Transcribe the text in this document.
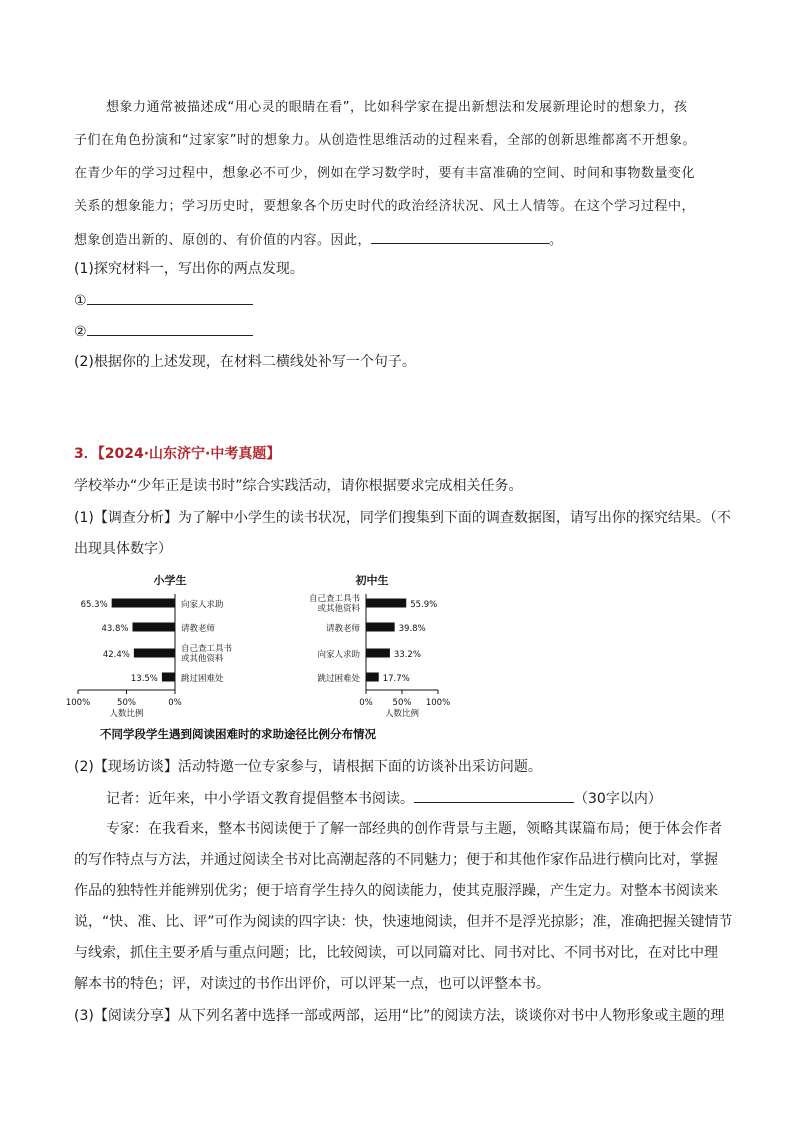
想象力通常被描述成“用心灵的眼睛在看”，比如科学家在提出新想法和发展新理论时的想象力，孩
子们在角色扮演和“过家家”时的想象力。从创造性思维活动的过程来看，全部的创新思维都离不开想象。
在青少年的学习过程中，想象必不可少，例如在学习数学时，要有丰富准确的空间、时间和事物数量变化
关系的想象能力；学习历史时，要想象各个历史时代的政治经济状况、风土人情等。在这个学习过程中，
想象创造出新的、原创的、有价值的内容。因此，	。
(1)探究材料一，写出你的两点发现。
①
②
(2)根据你的上述发现，在材料二横线处补写一个句子。
3．【2024·山东济宁·中考真题】
学校举办“少年正是读书时”综合实践活动，请你根据要求完成相关任务。
(1)【调查分析】为了解中小学生的读书状况，同学们搜集到下面的调查数据图，请写出你的探究结果。（不
出现具体数字）
小学生
65.3%	向家人求助
43.8%	请教老师
42.4%
自己查工具书
或其他资料
13.5%	跳过困难处
100%	50%	0%
人数比例
初中生
55.9%
自己查工具书
或其他资料
39.8%
请教老师
33.2%
向家人求助
17.7%
跳过困难处
0% 50% 100%
人数比例
不同学段学生遇到阅读困难时的求助途径比例分布情况
(2)【现场访谈】活动特邀一位专家参与，请根据下面的访谈补出采访问题。
记者：近年来，中小学语文教育提倡整本书阅读。	（30字以内）
专家：在我看来，整本书阅读便于了解一部经典的创作背景与主题，领略其谋篇布局；便于体会作者
的写作特点与方法，并通过阅读全书对比高潮起落的不同魅力；便于和其他作家作品进行横向比对，掌握
作品的独特性并能辨别优劣；便于培育学生持久的阅读能力，使其克服浮躁，产生定力。对整本书阅读来
说，“快、准、比、评”可作为阅读的四字诀：快，快速地阅读，但并不是浮光掠影；准，准确把握关键情节
与线索，抓住主要矛盾与重点问题；比，比较阅读，可以同篇对比、同书对比、不同书对比，在对比中理
解本书的特色；评，对读过的书作出评价，可以评某一点，也可以评整本书。
(3)【阅读分享】从下列名著中选择一部或两部，运用“比”的阅读方法，谈谈你对书中人物形象或主题的理
